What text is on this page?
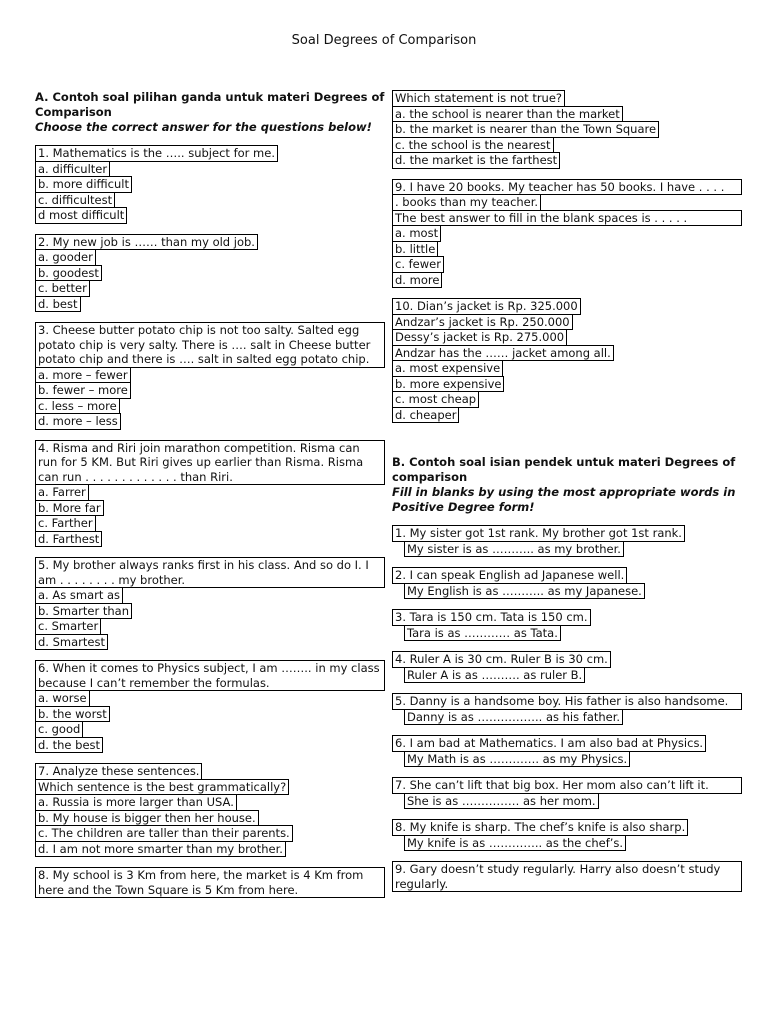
Soal Degrees of Comparison

A. Contoh soal pilihan ganda untuk materi Degrees of Comparison

Choose the correct answer for the questions below!

1. Mathematics is the ….. subject for me.
a. difficulter
b. more difficult
c. difficultest
d most difficult
2. My new job is …… than my old job.
a. gooder
b. goodest
c. better
d. best
3. Cheese butter potato chip is not too salty. Salted egg potato chip is very salty. There is …. salt in Cheese butter potato chip and there is …. salt in salted egg potato chip.
a. more – fewer
b. fewer – more
c. less – more
d. more – less
4. Risma and Riri join marathon competition. Risma can run for 5 KM. But Riri gives up earlier than Risma. Risma can run . . . . . . . . . . . . . than Riri.
a. Farrer
b. More far
c. Farther
d. Farthest
5. My brother always ranks first in his class. And so do I. I am . . . . . . . . my brother.
a. As smart as
b. Smarter than
c. Smarter
d. Smartest
6. When it comes to Physics subject, I am …….. in my class because I can’t remember the formulas.
a. worse
b. the worst
c. good
d. the best
7. Analyze these sentences.
Which sentence is the best grammatically?
a. Russia is more larger than USA.
b. My house is bigger then her house.
c. The children are taller than their parents.
d. I am not more smarter than my brother.
8. My school is 3 Km from here, the market is 4 Km from here and the Town Square is 5 Km from here.
Which statement is not true?
a. the school is nearer than the market
b. the market is nearer than the Town Square
c. the school is the nearest
d. the market is the farthest
9. I have 20 books. My teacher has 50 books. I have . . . .
. books than my teacher.
The best answer to fill in the blank spaces is . . . . .
a. most
b. little
c. fewer
d. more
10. Dian’s jacket is Rp. 325.000
Andzar’s jacket is Rp. 250.000
Dessy’s jacket is Rp. 275.000
Andzar has the …… jacket among all.
a. most expensive
b. more expensive
c. most cheap
d. cheaper

B. Contoh soal isian pendek untuk materi Degrees of comparison

Fill in blanks by using the most appropriate words in Positive Degree form!

1. My sister got 1st rank. My brother got 1st rank.
My sister is as ……….. as my brother.
2. I can speak English ad Japanese well.
My English is as ……….. as my Japanese.
3. Tara is 150 cm. Tata is 150 cm.
Tara is as ………… as Tata.
4. Ruler A is 30 cm. Ruler B is 30 cm.
Ruler A is as ………. as ruler B.
5. Danny is a handsome boy. His father is also handsome.
Danny is as …………….. as his father.
6. I am bad at Mathematics. I am also bad at Physics.
My Math is as …………. as my Physics.
7. She can’t lift that big box. Her mom also can’t lift it.
She is as …………… as her mom.
8. My knife is sharp. The chef’s knife is also sharp.
My knife is as ………….. as the chef’s.
9. Gary doesn’t study regularly. Harry also doesn’t study regularly.
